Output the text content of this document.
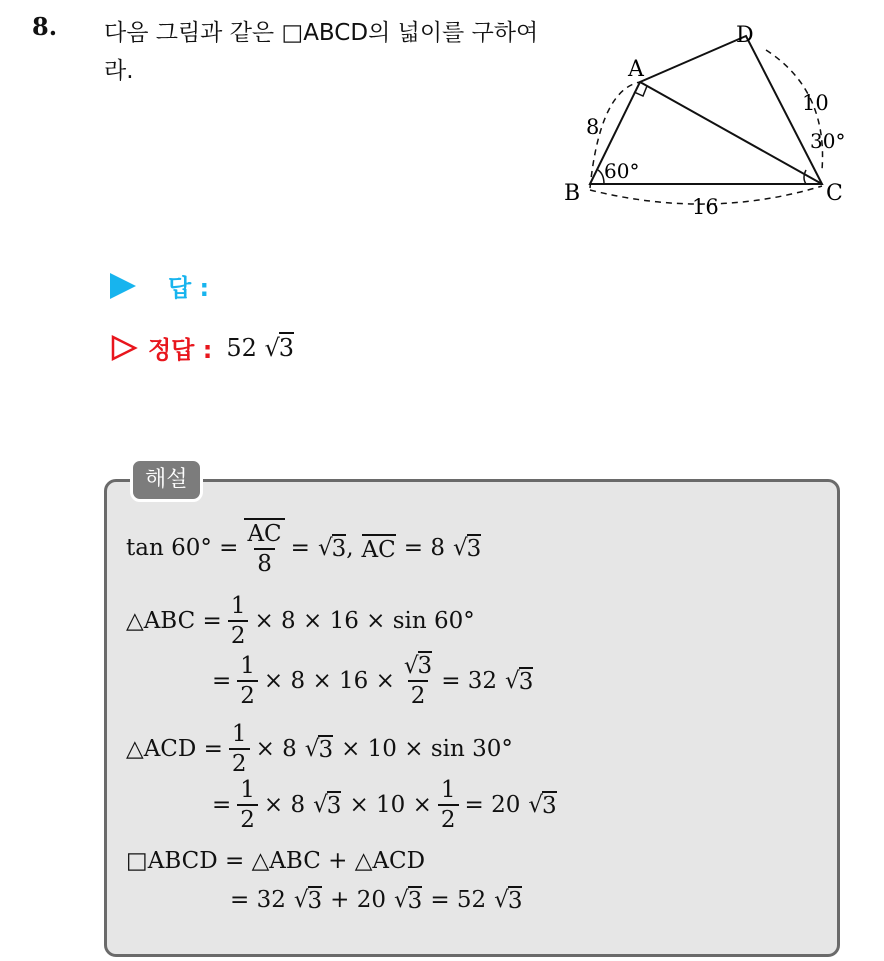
8. 다음 그림과 같은 □ABCD의 넓이를 구하여라.	A
B	C
D
8
10
16
60°
30°
답 :
정답 : 52 √3
해설
$\tan 60^\circ = \frac{AC}{8}$ = √ 3 , AC = 8 √ 3
△ABC = $\frac{1}{2} \times 8 \times 16 \times \sin 60^\circ$
= $\frac{1}{2} \times 8 \times 16 \times \frac{√3}{2} = 32$ √ 3
△ACD = $\frac{1}{2} \times 8$ √ 3 × 10 × sin 30°
= $\frac{1}{2} \times 8$ √ $3 \times 10 \times \frac{1}{2} = 20$ √ 3
□ABCD = △ABC + △ACD
= 32 √ 3 + 20 √ 3 = 52 √ 3
